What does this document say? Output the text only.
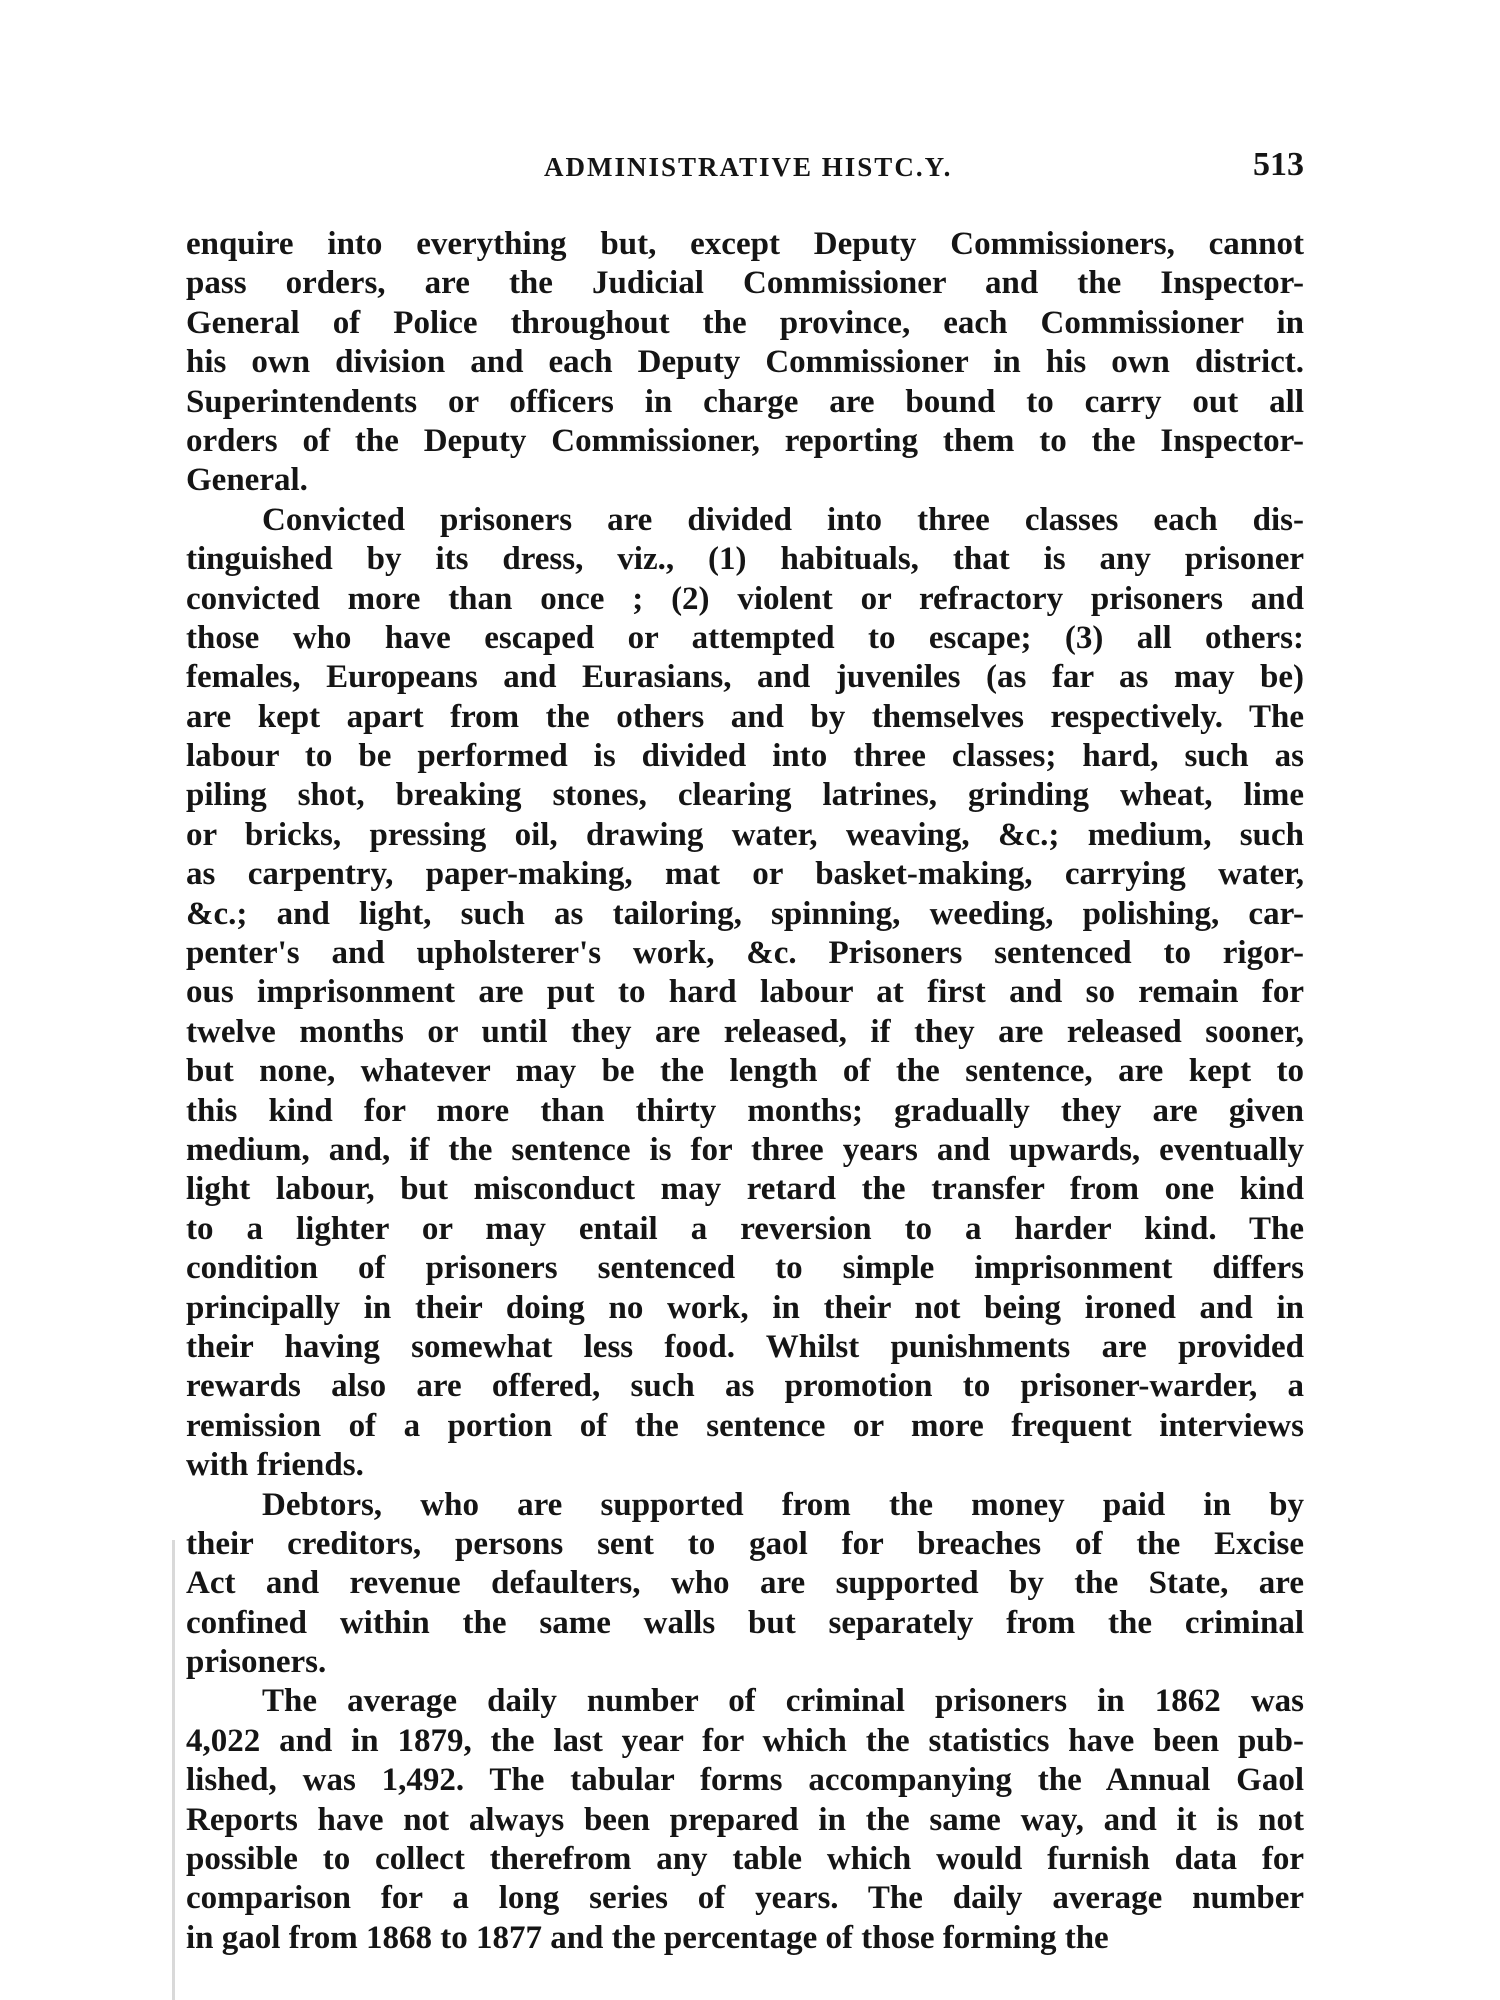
ADMINISTRATIVE HISTC.Y.	513
enquire into everything but, except Deputy Commissioners, cannot
pass orders, are the Judicial Commissioner and the Inspector-
General of Police throughout the province, each Commissioner in
his own division and each Deputy Commissioner in his own district.
Superintendents or officers in charge are bound to carry out all
orders of the Deputy Commissioner, reporting them to the Inspector-
General.
Convicted prisoners are divided into three classes each dis-
tinguished by its dress, viz., (1) habituals, that is any prisoner
convicted more than once ; (2) violent or refractory prisoners and
those who have escaped or attempted to escape; (3) all others:
females, Europeans and Eurasians, and juveniles (as far as may be)
are kept apart from the others and by themselves respectively. The
labour to be performed is divided into three classes; hard, such as
piling shot, breaking stones, clearing latrines, grinding wheat, lime
or bricks, pressing oil, drawing water, weaving, &c.; medium, such
as carpentry, paper-making, mat or basket-making, carrying water,
&c.; and light, such as tailoring, spinning, weeding, polishing, car-
penter's and upholsterer's work, &c. Prisoners sentenced to rigor-
ous imprisonment are put to hard labour at first and so remain for
twelve months or until they are released, if they are released sooner,
but none, whatever may be the length of the sentence, are kept to
this kind for more than thirty months; gradually they are given
medium, and, if the sentence is for three years and upwards, eventually
light labour, but misconduct may retard the transfer from one kind
to a lighter or may entail a reversion to a harder kind. The
condition of prisoners sentenced to simple imprisonment differs
principally in their doing no work, in their not being ironed and in
their having somewhat less food. Whilst punishments are provided
rewards also are offered, such as promotion to prisoner-warder, a
remission of a portion of the sentence or more frequent interviews
with friends.
Debtors, who are supported from the money paid in by
their creditors, persons sent to gaol for breaches of the Excise
Act and revenue defaulters, who are supported by the State, are
confined within the same walls but separately from the criminal
prisoners.
The average daily number of criminal prisoners in 1862 was
4,022 and in 1879, the last year for which the statistics have been pub-
lished, was 1,492. The tabular forms accompanying the Annual Gaol
Reports have not always been prepared in the same way, and it is not
possible to collect therefrom any table which would furnish data for
comparison for a long series of years. The daily average number
in gaol from 1868 to 1877 and the percentage of those forming the
